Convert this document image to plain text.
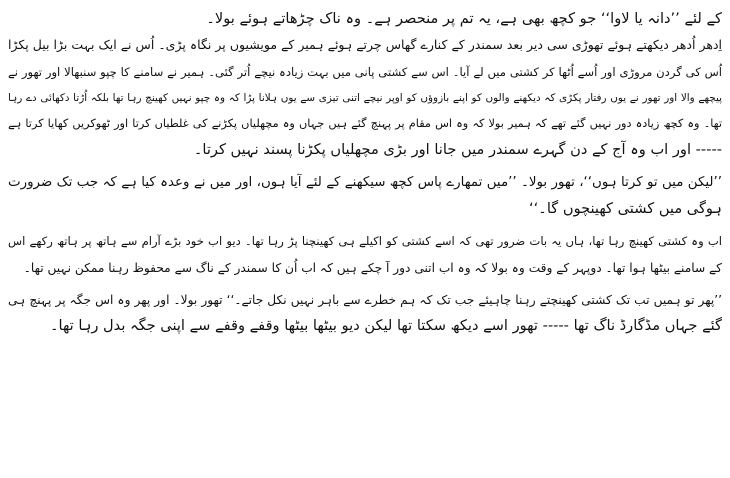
کے لئے ’’دانہ یا لاوا‘‘ جو کچھ بھی ہے، یہ تم پر منحصر ہے۔ وہ ناک چڑھاتے ہوئے بولا۔
اِدھر اُدھر دیکھتے ہوئے تھوڑی سی دیر بعد سمندر کے کنارے گھاس چرتے ہوئے ہمیر کے مویشیوں پر نگاہ پڑی۔ اُس نے ایک بہت بڑا بیل پکڑا
اُس کی گردن مروڑی اور اُسے اُٹھا کر کشتی میں لے آیا۔ اس سے کشتی پانی میں بہت زیادہ نیچے اُتر گئی۔ ہمیر نے سامنے کا چپو سنبھالا اور تھور نے
پیچھے والا اور تھور نے یوں رفتار پکڑی کہ دیکھنے والوں کو اپنے بازوؤں کو اوپر نیچے اتنی تیزی سے یوں ہلانا پڑا کہ وہ چپو نہیں کھینچ رہا تھا بلکہ اُڑتا دکھائی دے رہا
تھا۔ وہ کچھ زیادہ دور نہیں گئے تھے کہ ہمیر بولا کہ وہ اس مقام پر پہنچ گئے ہیں جہاں وہ مچھلیاں پکڑنے کی غلطیاں کرتا اور ٹھوکریں کھایا کرتا ہے
----- اور اب وہ آج کے دن گہرے سمندر میں جانا اور بڑی مچھلیاں پکڑنا پسند نہیں کرتا۔
’’لیکن میں تو کرتا ہوں‘‘، تھور بولا۔ ’’میں تمھارے پاس کچھ سیکھنے کے لئے آیا ہوں، اور میں نے وعدہ کیا ہے کہ جب تک ضرورت
ہوگی میں کشتی کھینچوں گا۔‘‘
اب وہ کشتی کھینچ رہا تھا، ہاں یہ بات ضرور تھی کہ اسے کشتی کو اکیلے ہی کھینچنا پڑ رہا تھا۔ دیو اب خود بڑے آرام سے ہاتھ پر ہاتھ رکھے اس
کے سامنے بیٹھا ہوا تھا۔ دوپہر کے وقت وہ بولا کہ وہ اب اتنی دور آ چکے ہیں کہ اب اُن کا سمندر کے ناگ سے محفوظ رہنا ممکن نہیں تھا۔
’’پھر تو ہمیں تب تک کشتی کھینچتے رہنا چاہیئے جب تک کہ ہم خطرے سے باہر نہیں نکل جاتے۔‘‘ تھور بولا۔ اور پھر وہ اس جگہ پر پہنچ ہی
گئے جہاں مڈگارڈ ناگ تھا ----- تھور اسے دیکھ سکتا تھا لیکن دیو بیٹھا بیٹھا وقفے وقفے سے اپنی جگہ بدل رہا تھا۔
